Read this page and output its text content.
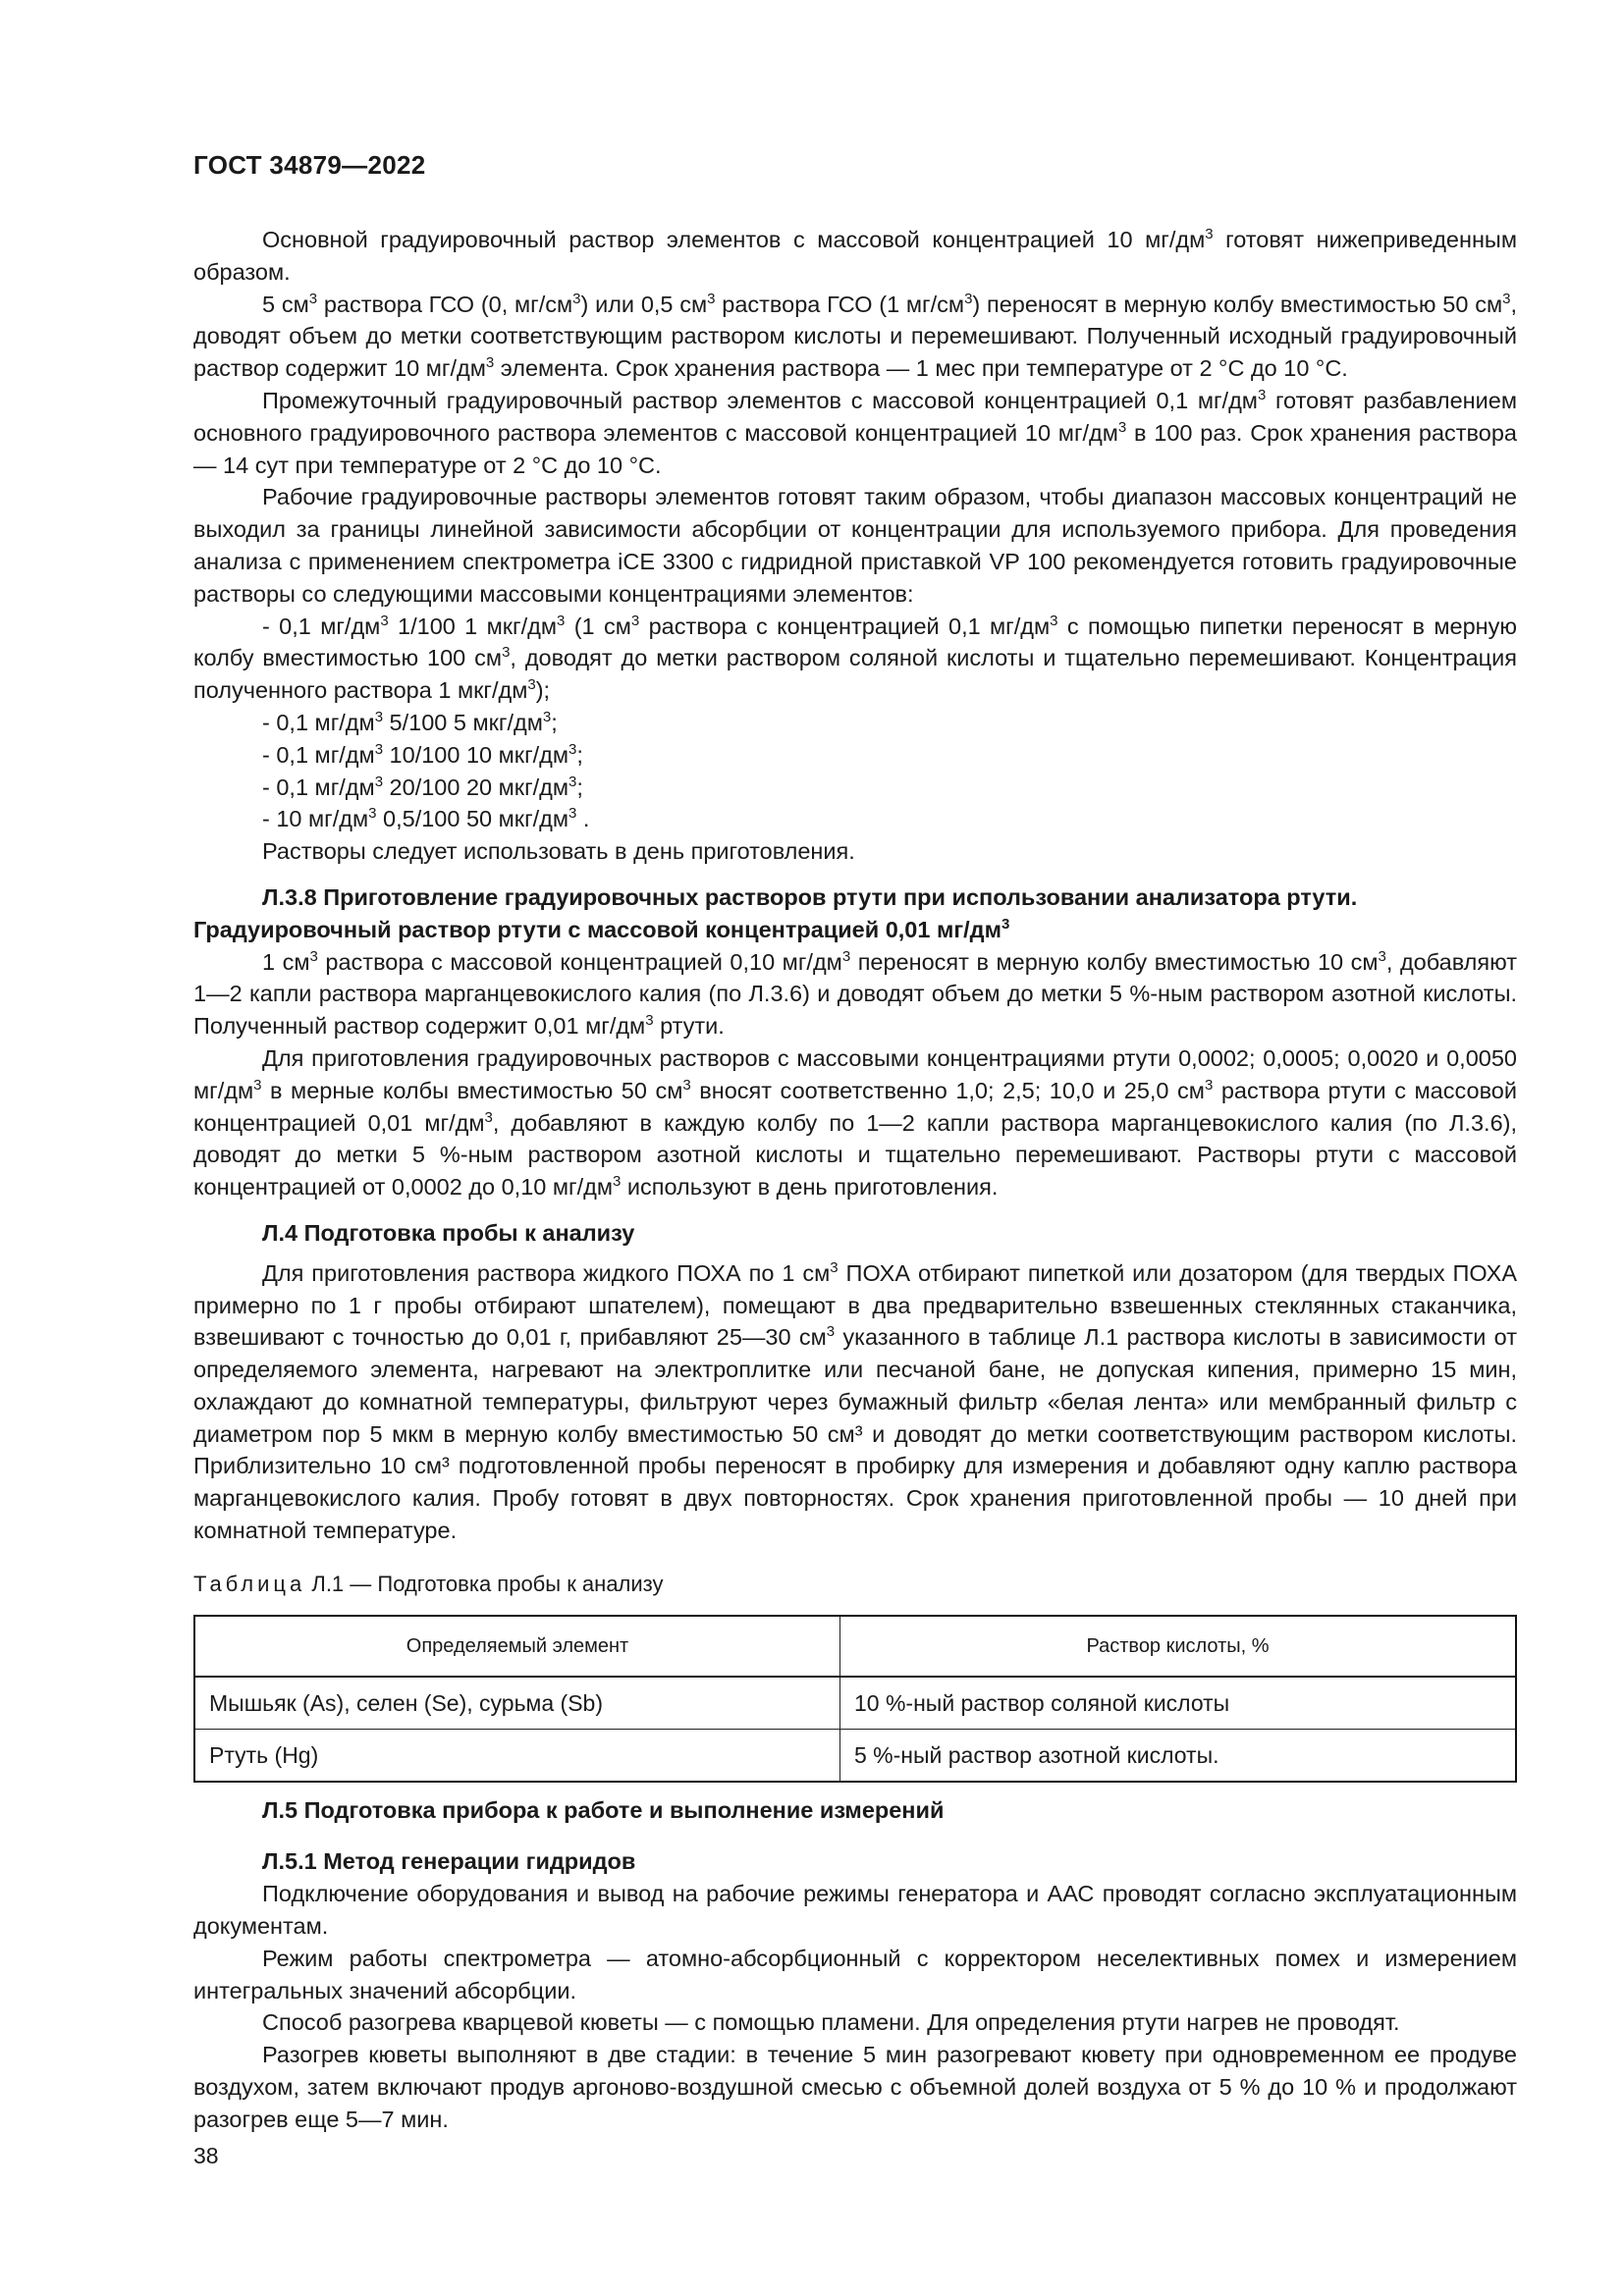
ГОСТ 34879—2022

Основной градуировочный раствор элементов с массовой концентрацией 10 $мг/дм^3$ готовят нижеприведенным образом.

5 $см^3$ раствора ГСО (0, $мг/см^3$) или 0,5 $см^3$ раствора ГСО (1 $мг/см^3$) переносят в мерную колбу вместимостью 50 $см^3$, доводят объем до метки соответствующим раствором кислоты и перемешивают. Полученный исходный градуировочный раствор содержит 10 $мг/дм^3$ элемента. Срок хранения раствора — 1 мес при температуре от 2 °С до 10 °С.

Промежуточный градуировочный раствор элементов с массовой концентрацией 0,1 $мг/дм^3$ готовят разбавлением основного градуировочного раствора элементов с массовой концентрацией 10 $мг/дм^3$ в 100 раз. Срок хранения раствора — 14 сут при температуре от 2 °С до 10 °С.

Рабочие градуировочные растворы элементов готовят таким образом, чтобы диапазон массовых концентраций не выходил за границы линейной зависимости абсорбции от концентрации для используемого прибора. Для проведения анализа с применением спектрометра iCE 3300 с гидридной приставкой VP 100 рекомендуется готовить градуировочные растворы со следующими массовыми концентрациями элементов:

- 0,1 $мг/дм^3$ 1/100 1 мкг/$дм^3$ (1 $см^3$ раствора с концентрацией 0,1 $мг/дм^3$ с помощью пипетки переносят в мерную колбу вместимостью 100 $см^3$, доводят до метки раствором соляной кислоты и тщательно перемешивают. Концентрация полученного раствора 1 мкг/$дм^3$);

- 0,1 $мг/дм^3$ 5/100 5 мкг/$дм^3$;

- 0,1 $мг/дм^3$ 10/100 10 мкг/$дм^3$;

- 0,1 $мг/дм^3$ 20/100 20 мкг/$дм^3$;

- 10 $мг/дм^3$ 0,5/100 50 мкг/$дм^3$ .

Растворы следует использовать в день приготовления.

Л.3.8 Приготовление градуировочных растворов ртути при использовании анализатора ртути.
Градуировочный раствор ртути с массовой концентрацией 0,01 $мг/дм^3$

1 $см^3$ раствора с массовой концентрацией 0,10 $мг/дм^3$ переносят в мерную колбу вместимостью 10 $см^3$, добавляют 1—2 капли раствора марганцевокислого калия (по Л.3.6) и доводят объем до метки 5 %-ным раствором азотной кислоты. Полученный раствор содержит 0,01 $мг/дм^3$ ртути.

Для приготовления градуировочных растворов с массовыми концентрациями ртути 0,0002; 0,0005; 0,0020 и 0,0050 $мг/дм^3$ в мерные колбы вместимостью 50 $см^3$ вносят соответственно 1,0; 2,5; 10,0 и 25,0 $см^3$ раствора ртути с массовой концентрацией 0,01 $мг/дм^3$, добавляют в каждую колбу по 1—2 капли раствора марганцевокислого калия (по Л.3.6), доводят до метки 5 %-ным раствором азотной кислоты и тщательно перемешивают. Растворы ртути с массовой концентрацией от 0,0002 до 0,10 $мг/дм^3$ используют в день приготовления.

Л.4 Подготовка пробы к анализу

Для приготовления раствора жидкого ПОХА по 1 $см^3$ ПОХА отбирают пипеткой или дозатором (для твердых ПОХА примерно по 1 г пробы отбирают шпателем), помещают в два предварительно взвешенных стеклянных стаканчика, взвешивают с точностью до 0,01 г, прибавляют 25—30 $см^3$ указанного в таблице Л.1 раствора кислоты в зависимости от определяемого элемента, нагревают на электроплитке или песчаной бане, не допуская кипения, примерно 15 мин, охлаждают до комнатной температуры, фильтруют через бумажный фильтр «белая лента» или мембранный фильтр с диаметром пор 5 мкм в мерную колбу вместимостью 50 см³ и доводят до метки соответствующим раствором кислоты. Приблизительно 10 см³ подготовленной пробы переносят в пробирку для измерения и добавляют одну каплю раствора марганцевокислого калия. Пробу готовят в двух повторностях. Срок хранения приготовленной пробы — 10 дней при комнатной температуре.

Таблица Л.1 — Подготовка пробы к анализу
Определяемый элемент	Раствор кислоты, %
Мышьяк (As), селен (Se), сурьма (Sb)	10 %-ный раствор соляной кислоты
Ртуть (Hg)	5 %-ный раствор азотной кислоты.
Л.5 Подготовка прибора к работе и выполнение измерений
Л.5.1 Метод генерации гидридов

Подключение оборудования и вывод на рабочие режимы генератора и ААС проводят согласно эксплуатационным документам.

Режим работы спектрометра — атомно-абсорбционный с корректором неселективных помех и измерением интегральных значений абсорбции.

Способ разогрева кварцевой кюветы — с помощью пламени. Для определения ртути нагрев не проводят.

Разогрев кюветы выполняют в две стадии: в течение 5 мин разогревают кювету при одновременном ее продуве воздухом, затем включают продув аргоново-воздушной смесью с объемной долей воздуха от 5 % до 10 % и продолжают разогрев еще 5—7 мин.

38
